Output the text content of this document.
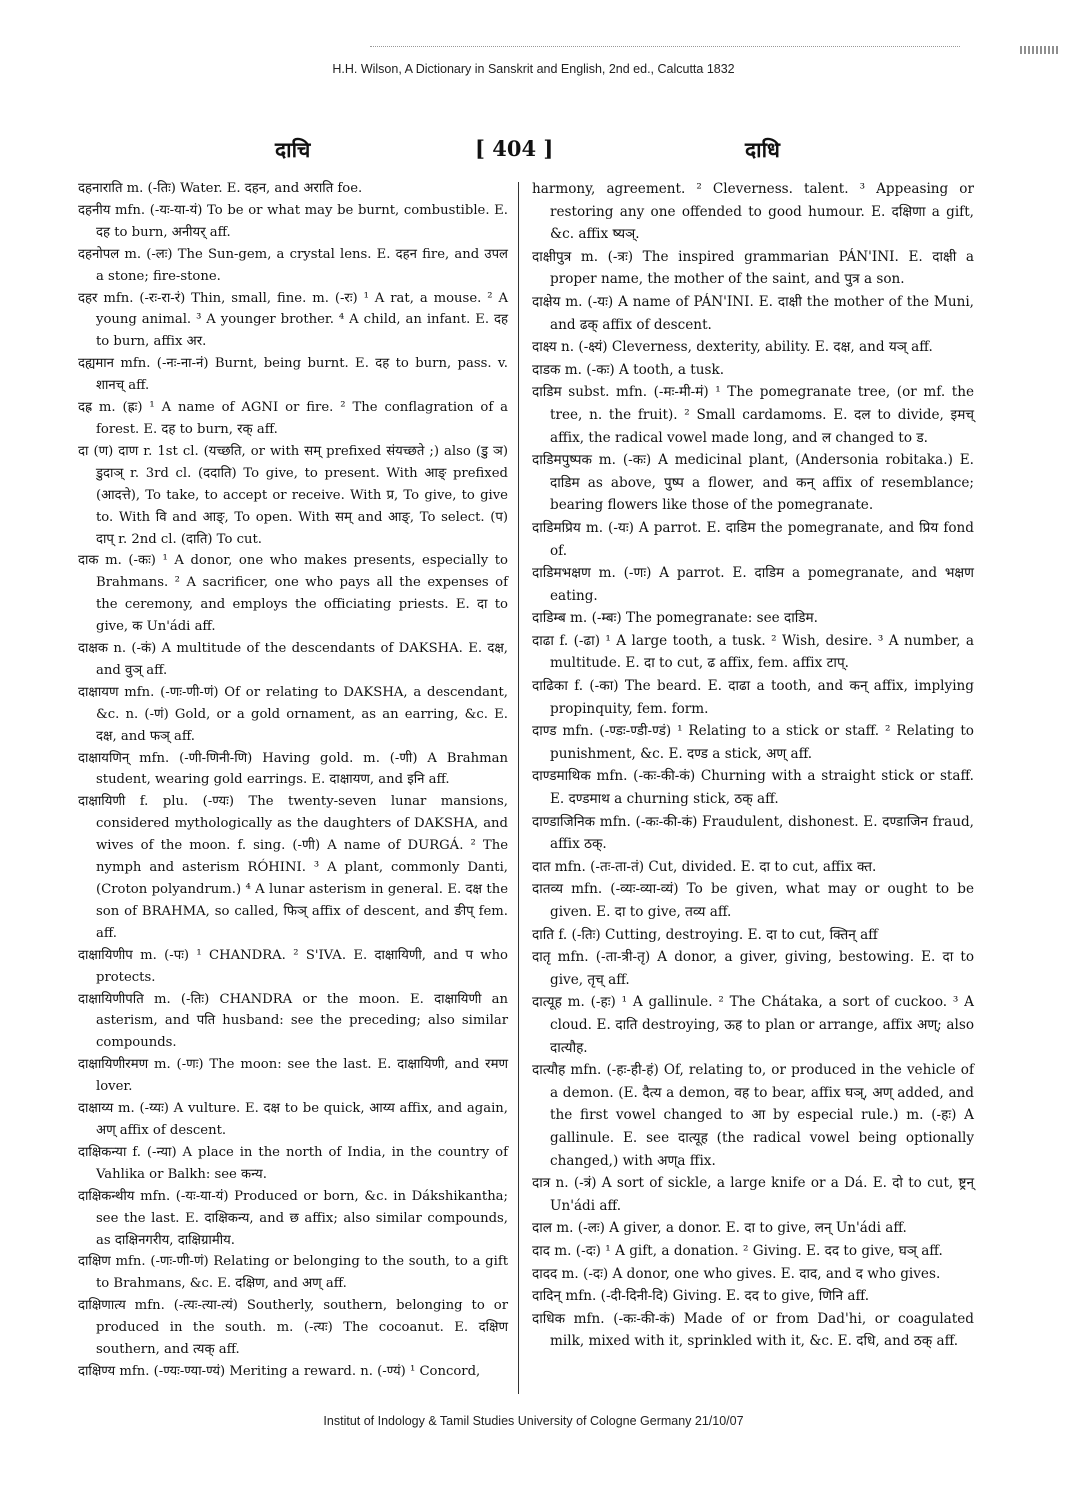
H.H. Wilson, A Dictionary in Sanskrit and English, 2nd ed., Calcutta 1832
दाचि	[ 404 ]	दाधि

दहनाराति m. (-तिः) Water. E. दहन, and अराति foe.

दहनीय mfn. (-यः-या-यं) To be or what may be burnt, combustible. E. दह to burn, अनीयर् aff.

दहनोपल m. (-लः) The Sun-gem, a crystal lens. E. दहन fire, and उपल a stone; fire-stone.

दहर mfn. (-रः-रा-रं) Thin, small, fine. m. (-रः) ¹ A rat, a mouse. ² A young animal. ³ A younger brother. ⁴ A child, an infant. E. दह to burn, affix अर.

दह्यमान mfn. (-नः-ना-नं) Burnt, being burnt. E. दह to burn, pass. v. शानच् aff.

दह्र m. (ह्रः) ¹ A name of AGNI or fire. ² The conflagration of a forest. E. दह to burn, रक् aff.

दा (ण) दाण r. 1st cl. (यच्छति, or with सम् prefixed संयच्छते ;) also (डु ञ) डुदाञ् r. 3rd cl. (ददाति) To give, to present. With आङ् prefixed (आदत्ते), To take, to accept or receive. With प्र, To give, to give to. With वि and आङ्, To open. With सम् and आङ्, To select. (प) दाप् r. 2nd cl. (दाति) To cut.

दाक m. (-कः) ¹ A donor, one who makes presents, especially to Brahmans. ² A sacrificer, one who pays all the expenses of the ceremony, and employs the officiating priests. E. दा to give, क Un'ádi aff.

दाक्षक n. (-कं) A multitude of the descendants of DAKSHA. E. दक्ष, and वुञ् aff.

दाक्षायण mfn. (-णः-णी-णं) Of or relating to DAKSHA, a descendant, &c. n. (-णं) Gold, or a gold ornament, as an earring, &c. E. दक्ष, and फञ् aff.

दाक्षायणिन् mfn. (-णी-णिनी-णि) Having gold. m. (-णी) A Brahman student, wearing gold earrings. E. दाक्षायण, and इनि aff.

दाक्षायिणी f. plu. (-ण्यः) The twenty-seven lunar mansions, considered mythologically as the daughters of DAKSHA, and wives of the moon. f. sing. (-णी) A name of DURGÁ. ² The nymph and asterism RÓHINI. ³ A plant, commonly Danti, (Croton polyandrum.) ⁴ A lunar asterism in general. E. दक्ष the son of BRAHMA, so called, फिञ् affix of descent, and ङीप् fem. aff.

दाक्षायिणीप m. (-पः) ¹ CHANDRA. ² S'IVA. E. दाक्षायिणी, and प who protects.

दाक्षायिणीपति m. (-तिः) CHANDRA or the moon. E. दाक्षायिणी an asterism, and पति husband: see the preceding; also similar compounds.

दाक्षायिणीरमण m. (-णः) The moon: see the last. E. दाक्षायिणी, and रमण lover.

दाक्षाय्य m. (-य्यः) A vulture. E. दक्ष to be quick, आय्य affix, and again, अण् affix of descent.

दाक्षिकन्या f. (-न्या) A place in the north of India, in the country of Vahlika or Balkh: see कन्य.

दाक्षिकन्थीय mfn. (-यः-या-यं) Produced or born, &c. in Dákshikantha; see the last. E. दाक्षिकन्य, and छ affix; also similar compounds, as दाक्षिनगरीय, दाक्षिग्रामीय.

दाक्षिण mfn. (-णः-णी-णं) Relating or belonging to the south, to a gift to Brahmans, &c. E. दक्षिण, and अण् aff.

दाक्षिणात्य mfn. (-त्यः-त्या-त्यं) Southerly, southern, belonging to or produced in the south. m. (-त्यः) The cocoanut. E. दक्षिण southern, and त्यक् aff.

दाक्षिण्य mfn. (-ण्यः-ण्या-ण्यं) Meriting a reward. n. (-ण्यं) ¹ Concord,

harmony, agreement. ² Cleverness. talent. ³ Appeasing or restoring any one offended to good humour. E. दक्षिणा a gift, &c. affix ष्यञ्.

दाक्षीपुत्र m. (-त्रः) The inspired grammarian PÁN'INI. E. दाक्षी a proper name, the mother of the saint, and पुत्र a son.

दाक्षेय m. (-यः) A name of PÁN'INI. E. दाक्षी the mother of the Muni, and ढक् affix of descent.

दाक्ष्य n. (-क्ष्यं) Cleverness, dexterity, ability. E. दक्ष, and यञ् aff.

दाडक m. (-कः) A tooth, a tusk.

दाडिम subst. mfn. (-मः-मी-मं) ¹ The pomegranate tree, (or mf. the tree, n. the fruit). ² Small cardamoms. E. दल to divide, इमच् affix, the radical vowel made long, and ल changed to ड.

दाडिमपुष्पक m. (-कः) A medicinal plant, (Andersonia robitaka.) E. दाडिम as above, पुष्प a flower, and कन् affix of resemblance; bearing flowers like those of the pomegranate.

दाडिमप्रिय m. (-यः) A parrot. E. दाडिम the pomegranate, and प्रिय fond of.

दाडिमभक्षण m. (-णः) A parrot. E. दाडिम a pomegranate, and भक्षण eating.

दाडिम्ब m. (-म्बः) The pomegranate: see दाडिम.

दाढा f. (-ढा) ¹ A large tooth, a tusk. ² Wish, desire. ³ A number, a multitude. E. दा to cut, ढ affix, fem. affix टाप्.

दाढिका f. (-का) The beard. E. दाढा a tooth, and कन् affix, implying propinquity, fem. form.

दाण्ड mfn. (-ण्डः-ण्डी-ण्डं) ¹ Relating to a stick or staff. ² Relating to punishment, &c. E. दण्ड a stick, अण् aff.

दाण्डमाथिक mfn. (-कः-की-कं) Churning with a straight stick or staff. E. दण्डमाथ a churning stick, ठक् aff.

दाण्डाजिनिक mfn. (-कः-की-कं) Fraudulent, dishonest. E. दण्डाजिन fraud, affix ठक्.

दात mfn. (-तः-ता-तं) Cut, divided. E. दा to cut, affix क्त.

दातव्य mfn. (-व्यः-व्या-व्यं) To be given, what may or ought to be given. E. दा to give, तव्य aff.

दाति f. (-तिः) Cutting, destroying. E. दा to cut, क्तिन् aff

दातृ mfn. (-ता-त्री-तृ) A donor, a giver, giving, bestowing. E. दा to give, तृच् aff.

दात्यूह m. (-हः) ¹ A gallinule. ² The Chátaka, a sort of cuckoo. ³ A cloud. E. दाति destroying, ऊह to plan or arrange, affix अण्; also दात्यौह.

दात्यौह mfn. (-हः-ही-हं) Of, relating to, or produced in the vehicle of a demon. (E. दैत्य a demon, वह to bear, affix घञ्, अण् added, and the first vowel changed to आ by especial rule.) m. (-हः) A gallinule. E. see दात्यूह (the radical vowel being optionally changed,) with अण्a ffix.

दात्र n. (-त्रं) A sort of sickle, a large knife or a Dá. E. दो to cut, ष्ट्रन् Un'ádi aff.

दाल m. (-लः) A giver, a donor. E. दा to give, लन् Un'ádi aff.

दाद m. (-दः) ¹ A gift, a donation. ² Giving. E. दद to give, घञ् aff.

दादद m. (-दः) A donor, one who gives. E. दाद, and द who gives.

दादिन् mfn. (-दी-दिनी-दि) Giving. E. दद to give, णिनि aff.

दाधिक mfn. (-कः-की-कं) Made of or from Dad'hi, or coagulated milk, mixed with it, sprinkled with it, &c. E. दधि, and ठक् aff.

Institut of Indology & Tamil Studies University of Cologne Germany 21/10/07
